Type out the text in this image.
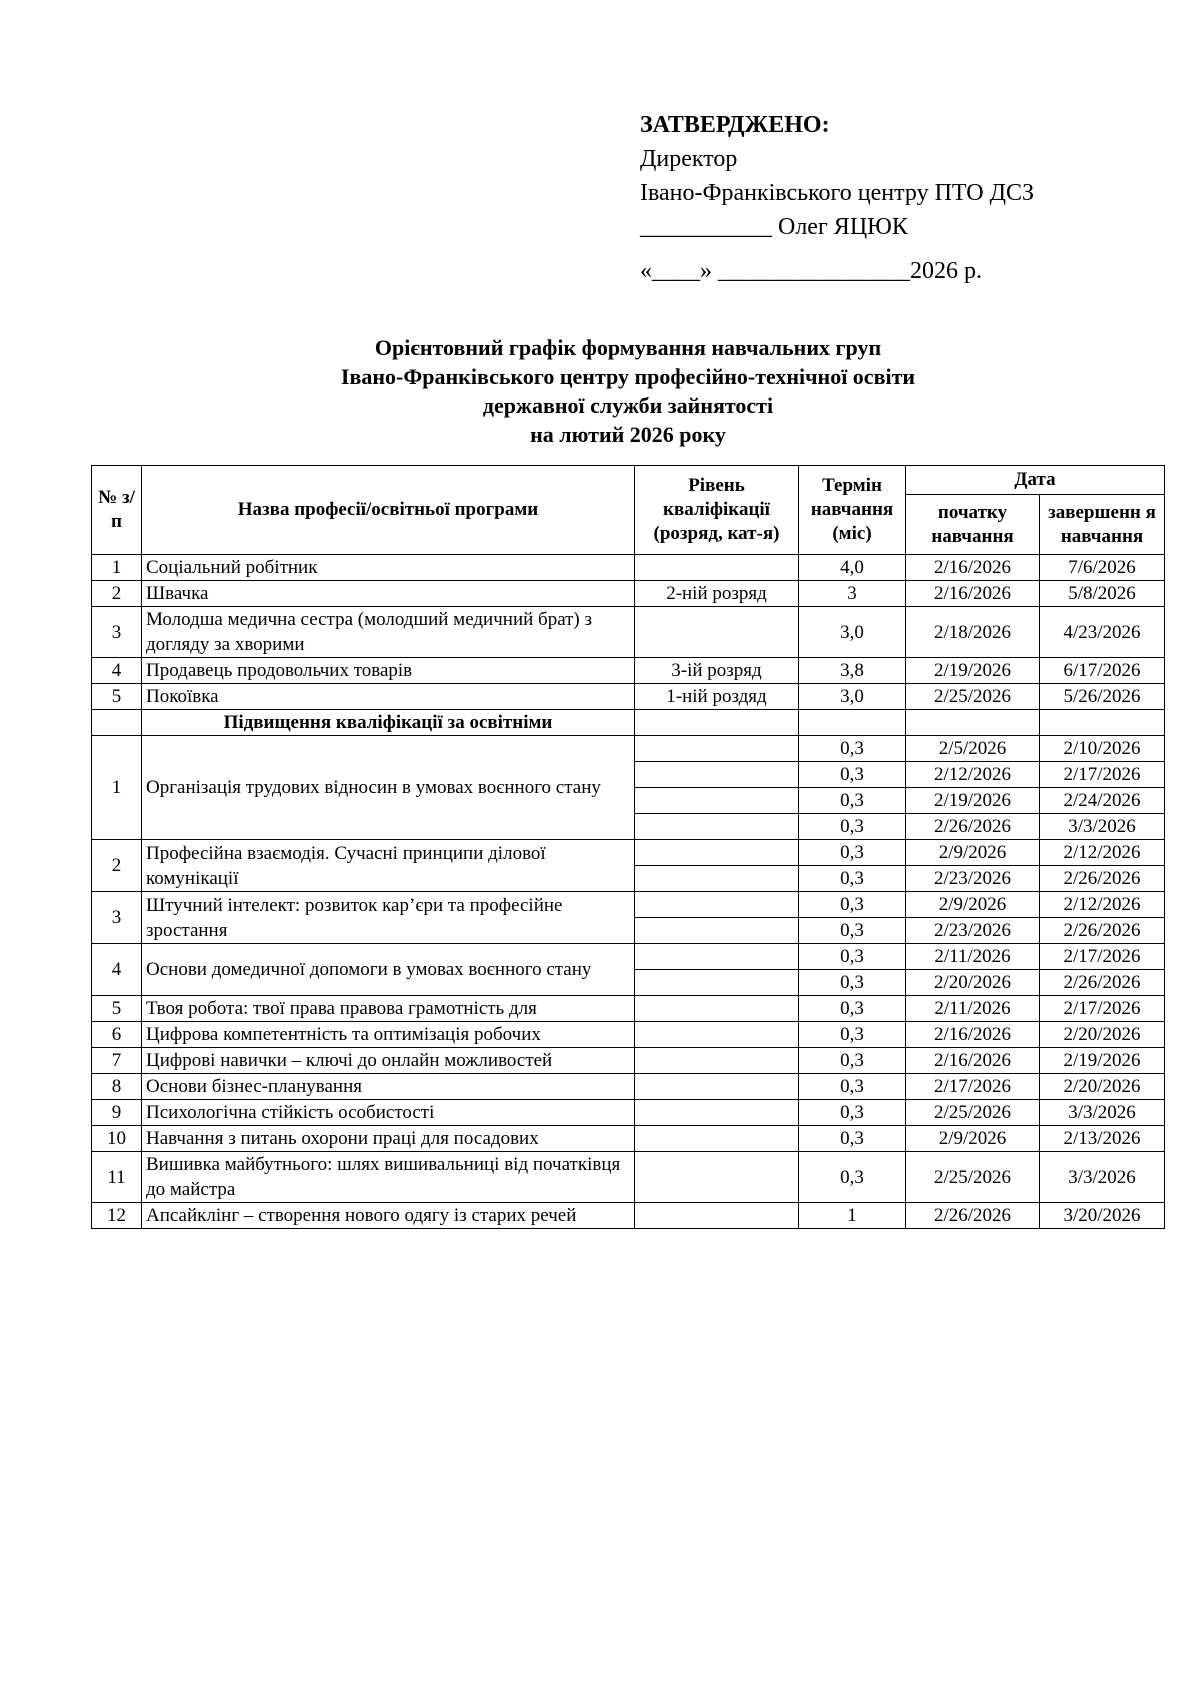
ЗАТВЕРДЖЕНО:
Директор
Івано-Франківського центру ПТО ДСЗ
___________ Олег ЯЦЮК
«____» ________________2026 р.
Орієнтовний графік формування навчальних груп
Івано-Франківського центру професійно-технічної освіти
державної служби зайнятості
на лютий 2026 року
№ з/п	Назва професії/освітньої програми	Рівень кваліфікації (розряд, кат-я)	Термін навчання (міс)	Дата	
				початку навчання	завершенн я навчання
1	Соціальний робітник		4,0	2/16/2026	7/6/2026
2	Швачка	2-ній розряд	3	2/16/2026	5/8/2026
3	Молодша медична сестра (молодший медичний брат) з догляду за хворими		3,0	2/18/2026	4/23/2026
4	Продавець продовольчих товарів	3-ій розряд	3,8	2/19/2026	6/17/2026
5	Покоївка	1-ній роздяд	3,0	2/25/2026	5/26/2026
	Підвищення кваліфікації за освітніми				
1	Організація трудових відносин в умовах воєнного стану		0,3	2/5/2026	2/10/2026
			0,3	2/12/2026	2/17/2026
			0,3	2/19/2026	2/24/2026
			0,3	2/26/2026	3/3/2026
2	Професійна взаємодія. Сучасні принципи ділової комунікації		0,3	2/9/2026	2/12/2026
			0,3	2/23/2026	2/26/2026
3	Штучний інтелект: розвиток кар’єри та професійне зростання		0,3	2/9/2026	2/12/2026
			0,3	2/23/2026	2/26/2026
4	Основи домедичної допомоги в умовах воєнного стану		0,3	2/11/2026	2/17/2026
			0,3	2/20/2026	2/26/2026
5	Твоя робота: твої права правова грамотність для		0,3	2/11/2026	2/17/2026
6	Цифрова компетентність та оптимізація робочих		0,3	2/16/2026	2/20/2026
7	Цифрові навички – ключі до онлайн можливостей		0,3	2/16/2026	2/19/2026
8	Основи бізнес-планування		0,3	2/17/2026	2/20/2026
9	Психологічна стійкість особистості		0,3	2/25/2026	3/3/2026
10	Навчання з питань охорони праці для посадових		0,3	2/9/2026	2/13/2026
11	Вишивка майбутнього: шлях вишивальниці від початківця до майстра		0,3	2/25/2026	3/3/2026
12	Апсайклінг – створення нового одягу із старих речей		1	2/26/2026	3/20/2026
